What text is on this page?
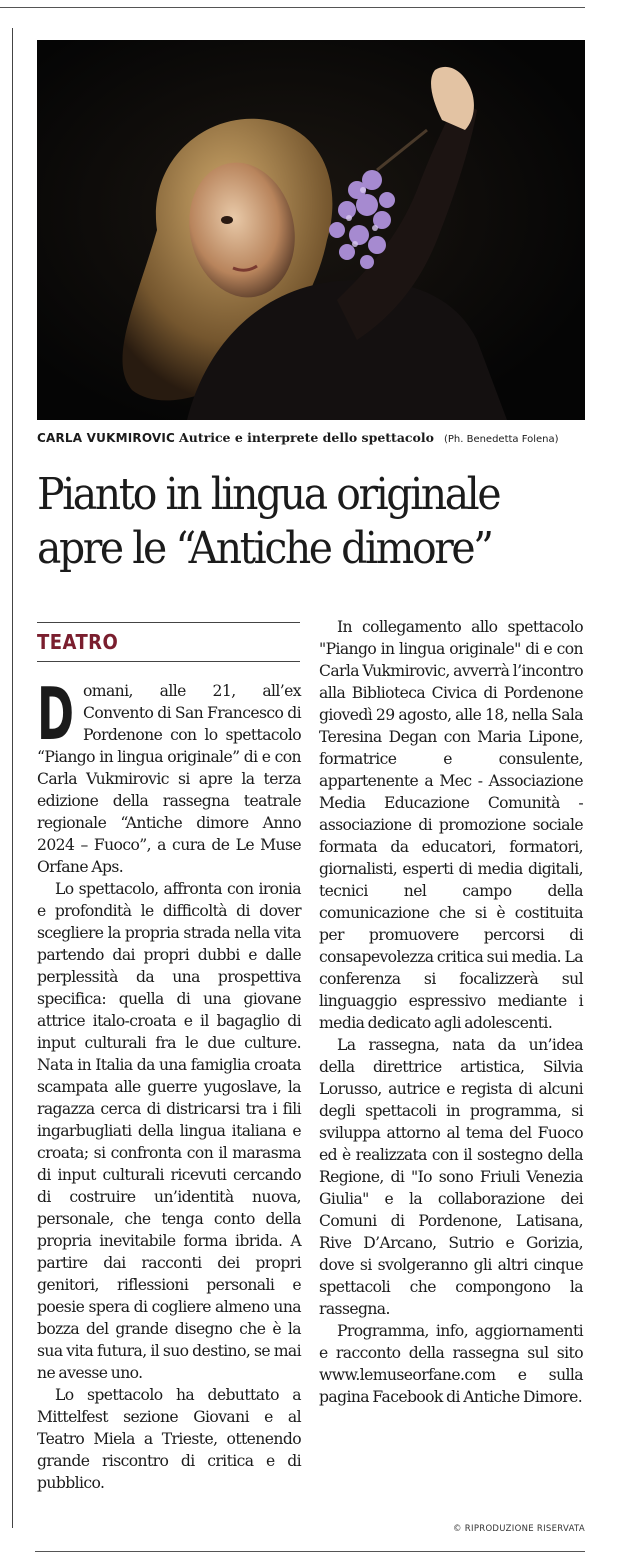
CARLA VUKMIROVIC Autrice e interprete dello spettacolo (Ph. Benedetta Folena)
Pianto in lingua originale
apre le “Antiche dimore”
TEATRO

Domani, alle 21, all’ex Convento di San Francesco di Pordenone con lo spettacolo “Piango in lingua originale” di e con Carla Vukmirovic si apre la terza edizione della rassegna teatrale regionale “Antiche dimore Anno 2024 – Fuoco”, a cura de Le Muse Orfane Aps.

Lo spettacolo, affronta con ironia e profondità le difficoltà di dover scegliere la propria strada nella vita partendo dai propri dubbi e dalle perplessità da una prospettiva specifica: quella di una giovane attrice italo-croata e il bagaglio di input culturali fra le due culture. Nata in Italia da una famiglia croata scampata alle guerre yugoslave, la ragazza cerca di districarsi tra i fili ingarbugliati della lingua italiana e croata; si confronta con il marasma di input culturali ricevuti cercando di costruire un’identità nuova, personale, che tenga conto della propria inevitabile forma ibrida. A partire dai racconti dei propri genitori, riflessioni personali e poesie spera di cogliere almeno una bozza del grande disegno che è la sua vita futura, il suo destino, se mai ne avesse uno.

Lo spettacolo ha debuttato a Mittelfest sezione Giovani e al Teatro Miela a Trieste, ottenendo grande riscontro di critica e di pubblico.

In collegamento allo spettacolo "Piango in lingua originale" di e con Carla Vukmirovic, avverrà l’incontro alla Biblioteca Civica di Pordenone giovedì 29 agosto, alle 18, nella Sala Teresina Degan con Maria Lipone, formatrice e consulente, appartenente a Mec - Associazione Media Educazione Comunità - associazione di promozione sociale formata da educatori, formatori, giornalisti, esperti di media digitali, tecnici nel campo della comunicazione che si è costituita per promuovere percorsi di consapevolezza critica sui media. La conferenza si focalizzerà sul linguaggio espressivo mediante i media dedicato agli adolescenti.

La rassegna, nata da un’idea della direttrice artistica, Silvia Lorusso, autrice e regista di alcuni degli spettacoli in programma, si sviluppa attorno al tema del Fuoco ed è realizzata con il sostegno della Regione, di "Io sono Friuli Venezia Giulia" e la collaborazione dei Comuni di Pordenone, Latisana, Rive D’Arcano, Sutrio e Gorizia, dove si svolgeranno gli altri cinque spettacoli che compongono la rassegna.

Programma, info, aggiornamenti e racconto della rassegna sul sito www.lemuseorfane.com e sulla pagina Facebook di Antiche Dimore.

© RIPRODUZIONE RISERVATA
